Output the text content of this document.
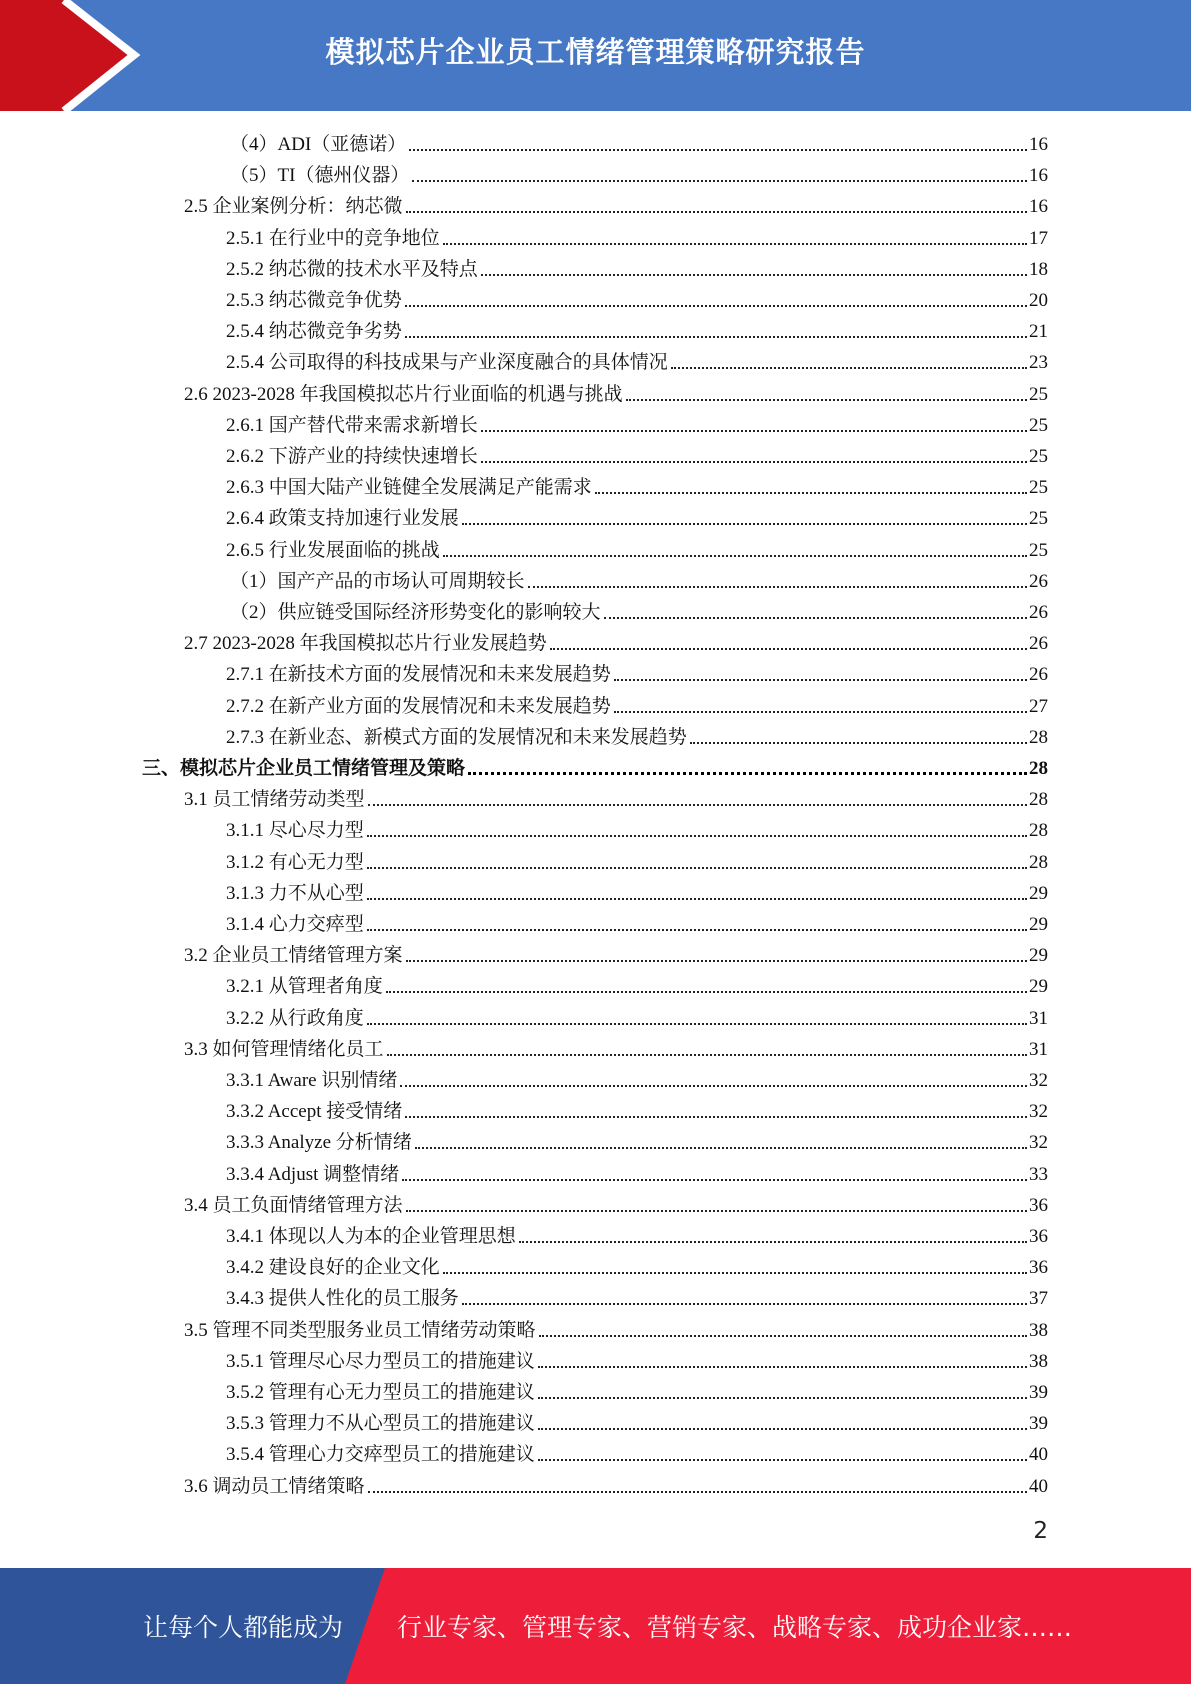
模拟芯片企业员工情绪管理策略研究报告
（4）ADI（亚德诺）	16
（5）TI（德州仪器）	16
2.5 企业案例分析：纳芯微	16
2.5.1 在行业中的竞争地位	17
2.5.2 纳芯微的技术水平及特点	18
2.5.3 纳芯微竞争优势	20
2.5.4 纳芯微竞争劣势	21
2.5.4 公司取得的科技成果与产业深度融合的具体情况	23
2.6 2023-2028 年我国模拟芯片行业面临的机遇与挑战	25
2.6.1 国产替代带来需求新增长	25
2.6.2 下游产业的持续快速增长	25
2.6.3 中国大陆产业链健全发展满足产能需求	25
2.6.4 政策支持加速行业发展	25
2.6.5 行业发展面临的挑战	25
（1）国产产品的市场认可周期较长	26
（2）供应链受国际经济形势变化的影响较大	26
2.7 2023-2028 年我国模拟芯片行业发展趋势	26
2.7.1 在新技术方面的发展情况和未来发展趋势	26
2.7.2 在新产业方面的发展情况和未来发展趋势	27
2.7.3 在新业态、新模式方面的发展情况和未来发展趋势	28
三、模拟芯片企业员工情绪管理及策略	28
3.1 员工情绪劳动类型	28
3.1.1 尽心尽力型	28
3.1.2 有心无力型	28
3.1.3 力不从心型	29
3.1.4 心力交瘁型	29
3.2 企业员工情绪管理方案	29
3.2.1 从管理者角度	29
3.2.2 从行政角度	31
3.3 如何管理情绪化员工	31
3.3.1 Aware 识别情绪	32
3.3.2 Accept 接受情绪	32
3.3.3 Analyze 分析情绪	32
3.3.4 Adjust 调整情绪	33
3.4 员工负面情绪管理方法	36
3.4.1 体现以人为本的企业管理思想	36
3.4.2 建设良好的企业文化	36
3.4.3 提供人性化的员工服务	37
3.5 管理不同类型服务业员工情绪劳动策略	38
3.5.1 管理尽心尽力型员工的措施建议	38
3.5.2 管理有心无力型员工的措施建议	39
3.5.3 管理力不从心型员工的措施建议	39
3.5.4 管理心力交瘁型员工的措施建议	40
3.6 调动员工情绪策略	40
2
让每个人都能成为 行业专家、管理专家、营销专家、战略专家、成功企业家……
